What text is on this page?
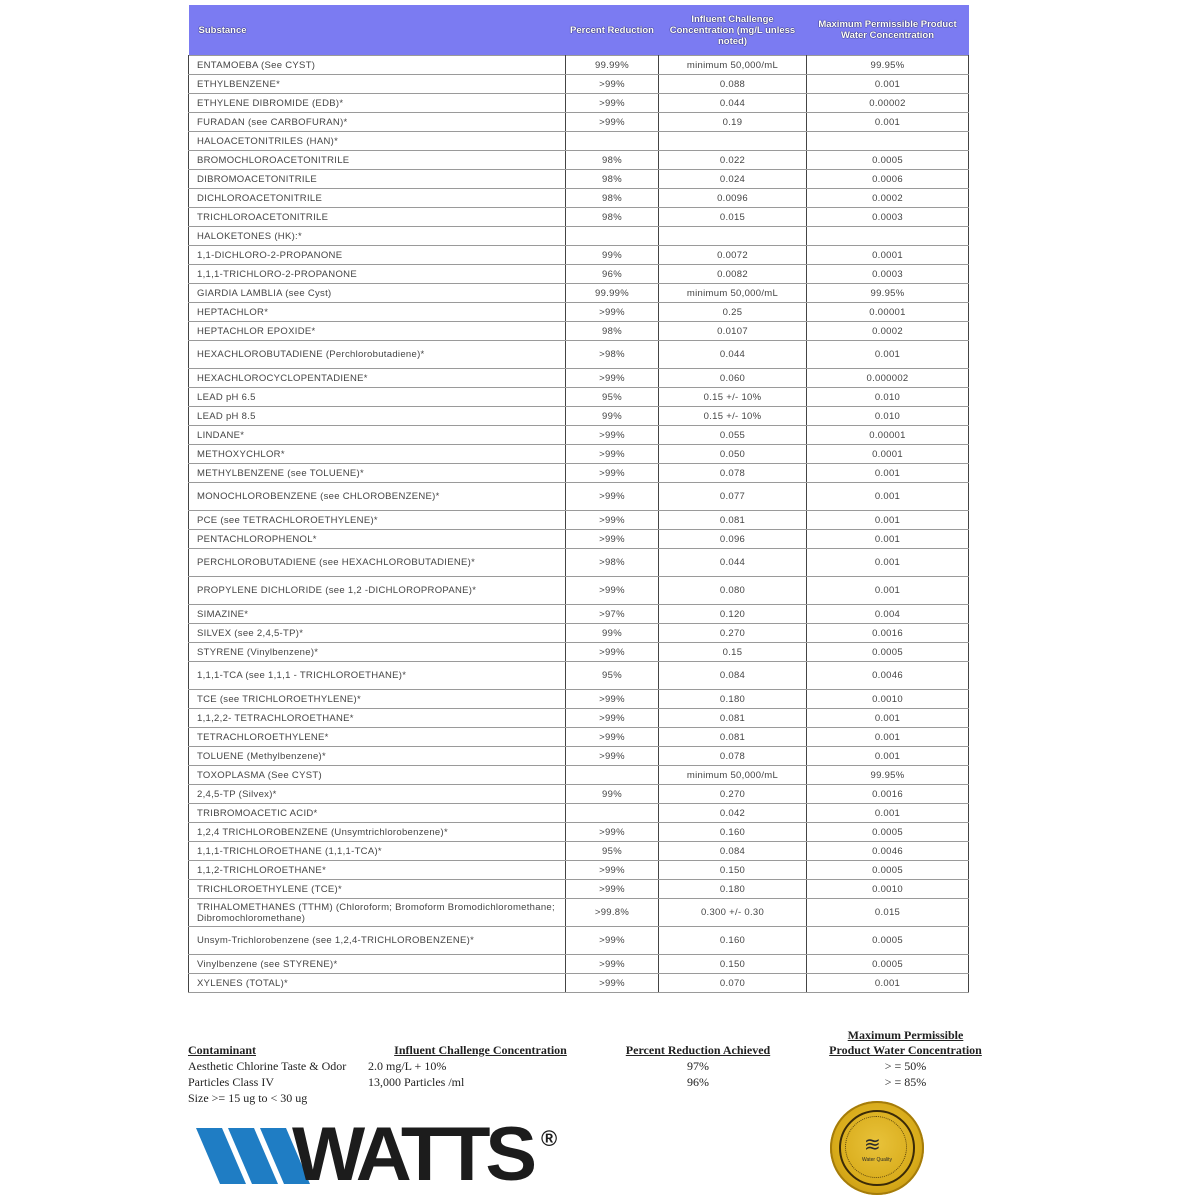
Substance	Percent Reduction	Influent Challenge Concentration (mg/L unless noted)	Maximum Permissible Product Water Concentration
ENTAMOEBA (See CYST)	99.99%	minimum 50,000/mL	99.95%
ETHYLBENZENE*	>99%	0.088	0.001
ETHYLENE DIBROMIDE (EDB)*	>99%	0.044	0.00002
FURADAN (see CARBOFURAN)*	>99%	0.19	0.001
HALOACETONITRILES (HAN)*			
BROMOCHLOROACETONITRILE	98%	0.022	0.0005
DIBROMOACETONITRILE	98%	0.024	0.0006
DICHLOROACETONITRILE	98%	0.0096	0.0002
TRICHLOROACETONITRILE	98%	0.015	0.0003
HALOKETONES (HK):*			
1,1-DICHLORO-2-PROPANONE	99%	0.0072	0.0001
1,1,1-TRICHLORO-2-PROPANONE	96%	0.0082	0.0003
GIARDIA LAMBLIA (see Cyst)	99.99%	minimum 50,000/mL	99.95%
HEPTACHLOR*	>99%	0.25	0.00001
HEPTACHLOR EPOXIDE*	98%	0.0107	0.0002
HEXACHLOROBUTADIENE (Perchlorobutadiene)*	>98%	0.044	0.001
HEXACHLOROCYCLOPENTADIENE*	>99%	0.060	0.000002
LEAD pH 6.5	95%	0.15 +/- 10%	0.010
LEAD pH 8.5	99%	0.15 +/- 10%	0.010
LINDANE*	>99%	0.055	0.00001
METHOXYCHLOR*	>99%	0.050	0.0001
METHYLBENZENE (see TOLUENE)*	>99%	0.078	0.001
MONOCHLOROBENZENE (see CHLOROBENZENE)*	>99%	0.077	0.001
PCE (see TETRACHLOROETHYLENE)*	>99%	0.081	0.001
PENTACHLOROPHENOL*	>99%	0.096	0.001
PERCHLOROBUTADIENE (see HEXACHLOROBUTADIENE)*	>98%	0.044	0.001
PROPYLENE DICHLORIDE (see 1,2 -DICHLOROPROPANE)*	>99%	0.080	0.001
SIMAZINE*	>97%	0.120	0.004
SILVEX (see 2,4,5-TP)*	99%	0.270	0.0016
STYRENE (Vinylbenzene)*	>99%	0.15	0.0005
1,1,1-TCA (see 1,1,1 - TRICHLOROETHANE)*	95%	0.084	0.0046
TCE (see TRICHLOROETHYLENE)*	>99%	0.180	0.0010
1,1,2,2- TETRACHLOROETHANE*	>99%	0.081	0.001
TETRACHLOROETHYLENE*	>99%	0.081	0.001
TOLUENE (Methylbenzene)*	>99%	0.078	0.001
TOXOPLASMA (See CYST)		minimum 50,000/mL	99.95%
2,4,5-TP (Silvex)*	99%	0.270	0.0016
TRIBROMOACETIC ACID*		0.042	0.001
1,2,4 TRICHLOROBENZENE (Unsymtrichlorobenzene)*	>99%	0.160	0.0005
1,1,1-TRICHLOROETHANE (1,1,1-TCA)*	95%	0.084	0.0046
1,1,2-TRICHLOROETHANE*	>99%	0.150	0.0005
TRICHLOROETHYLENE (TCE)*	>99%	0.180	0.0010
TRIHALOMETHANES (TTHM) (Chloroform; Bromoform Bromodichloromethane; Dibromochloromethane)	>99.8%	0.300 +/- 0.30	0.015
Unsym-Trichlorobenzene (see 1,2,4-TRICHLOROBENZENE)*	>99%	0.160	0.0005
Vinylbenzene (see STYRENE)*	>99%	0.150	0.0005
XYLENES (TOTAL)*	>99%	0.070	0.001
Contaminant	Influent Challenge Concentration	Percent Reduction Achieved	Maximum Permissible
Product Water Concentration
Aesthetic Chlorine Taste & Odor	2.0 mg/L + 10%	97%	> = 50%
Particles Class IV	13,000 Particles /ml	96%	> = 85%
Size >= 15 ug to < 30 ug			
WATTS ®	≋
Water Quality
